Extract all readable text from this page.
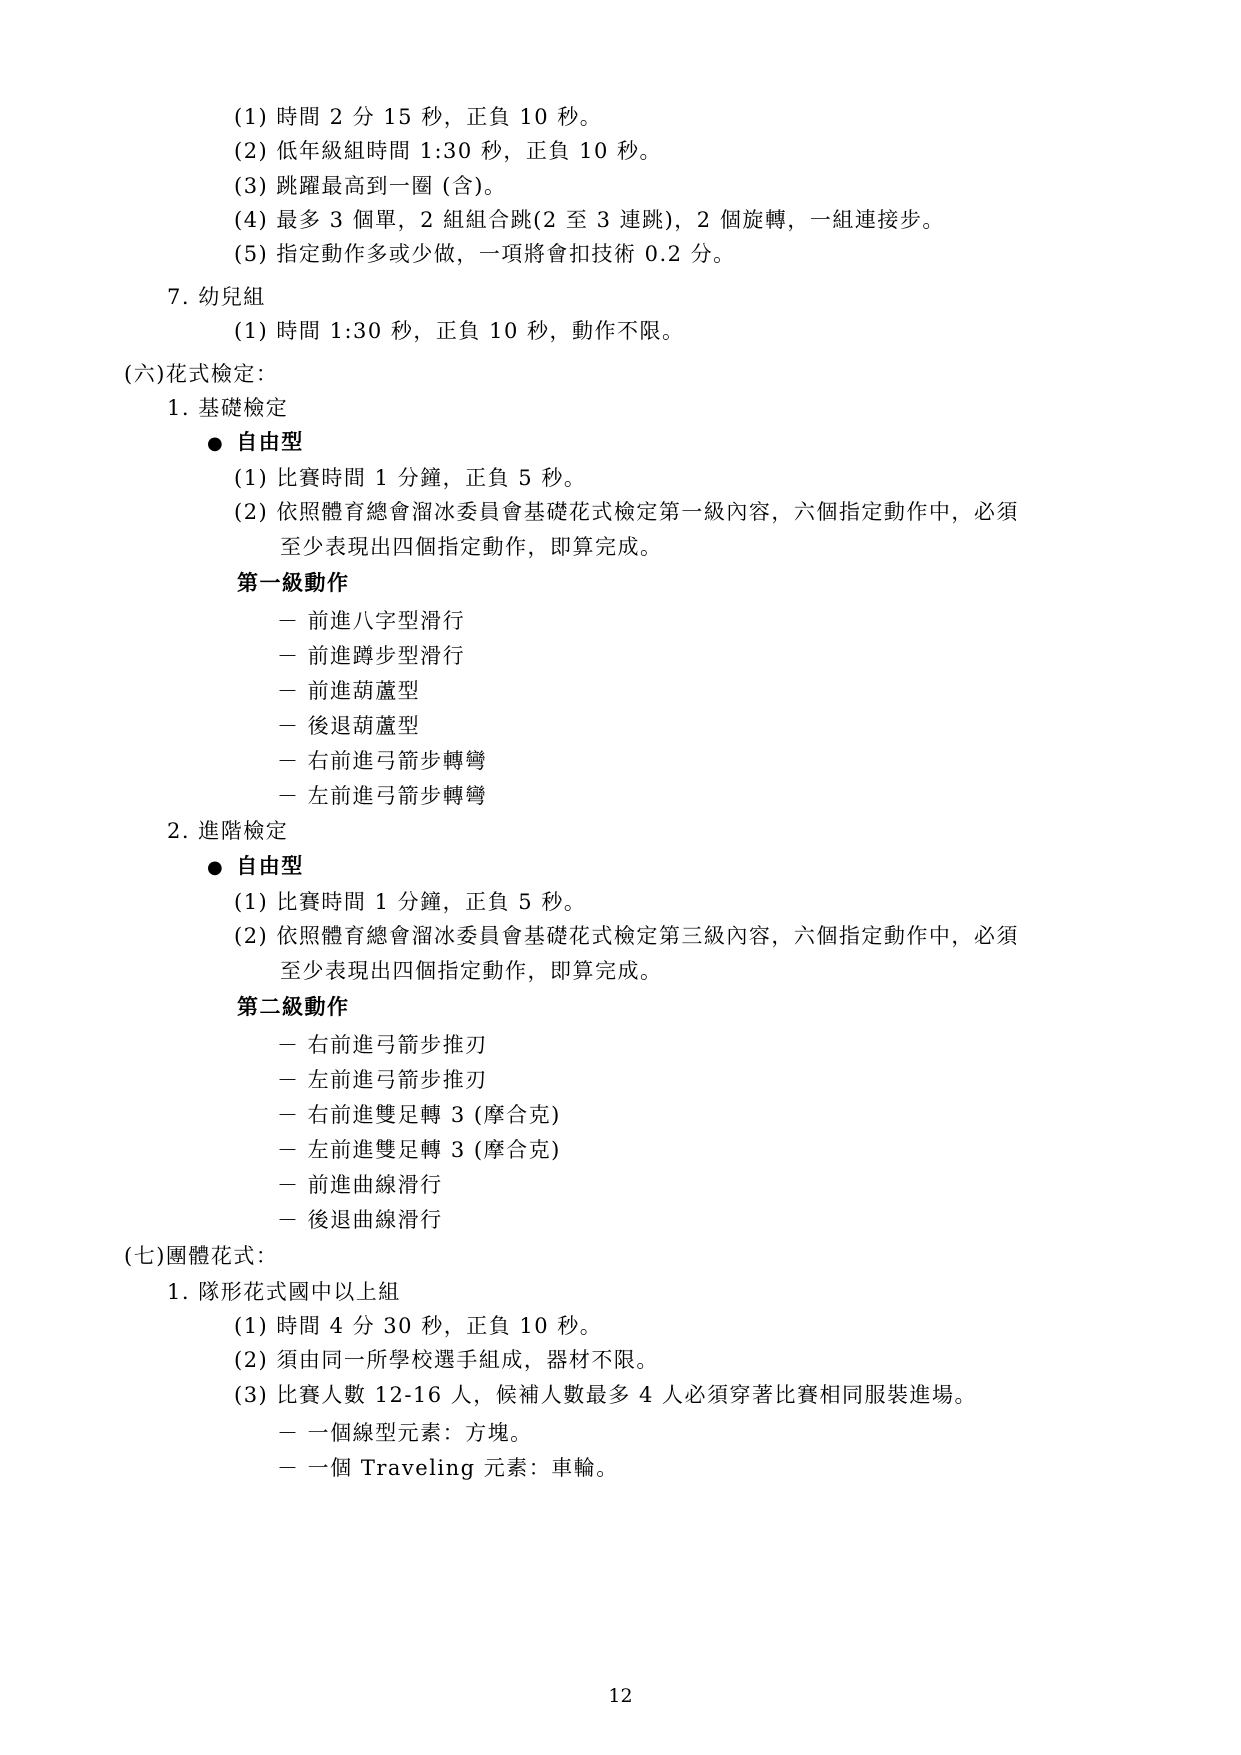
(1) 時間 2 分 15 秒，正負 10 秒。
(2) 低年級組時間 1:30 秒，正負 10 秒。
(3) 跳躍最高到一圈 (含)。
(4) 最多 3 個單，2 組組合跳(2 至 3 連跳)，2 個旋轉，一組連接步。
(5) 指定動作多或少做，一項將會扣技術 0.2 分。
7. 幼兒組
(1) 時間 1:30 秒，正負 10 秒，動作不限。
(六)花式檢定：
1. 基礎檢定
● 自由型
(1) 比賽時間 1 分鐘，正負 5 秒。
(2) 依照體育總會溜冰委員會基礎花式檢定第一級內容，六個指定動作中，必須
至少表現出四個指定動作，即算完成。
第一級動作
－ 前進八字型滑行
－ 前進蹲步型滑行
－ 前進葫蘆型
－ 後退葫蘆型
－ 右前進弓箭步轉彎
－ 左前進弓箭步轉彎
2. 進階檢定
● 自由型
(1) 比賽時間 1 分鐘，正負 5 秒。
(2) 依照體育總會溜冰委員會基礎花式檢定第三級內容，六個指定動作中，必須
至少表現出四個指定動作，即算完成。
第二級動作
－ 右前進弓箭步推刃
－ 左前進弓箭步推刃
－ 右前進雙足轉 3 (摩合克)
－ 左前進雙足轉 3 (摩合克)
－ 前進曲線滑行
－ 後退曲線滑行
(七)團體花式：
1. 隊形花式國中以上組
(1) 時間 4 分 30 秒，正負 10 秒。
(2) 須由同一所學校選手組成，器材不限。
(3) 比賽人數 12-16 人，候補人數最多 4 人必須穿著比賽相同服裝進場。
－ 一個線型元素：方塊。
－ 一個 Traveling 元素：車輪。
12
